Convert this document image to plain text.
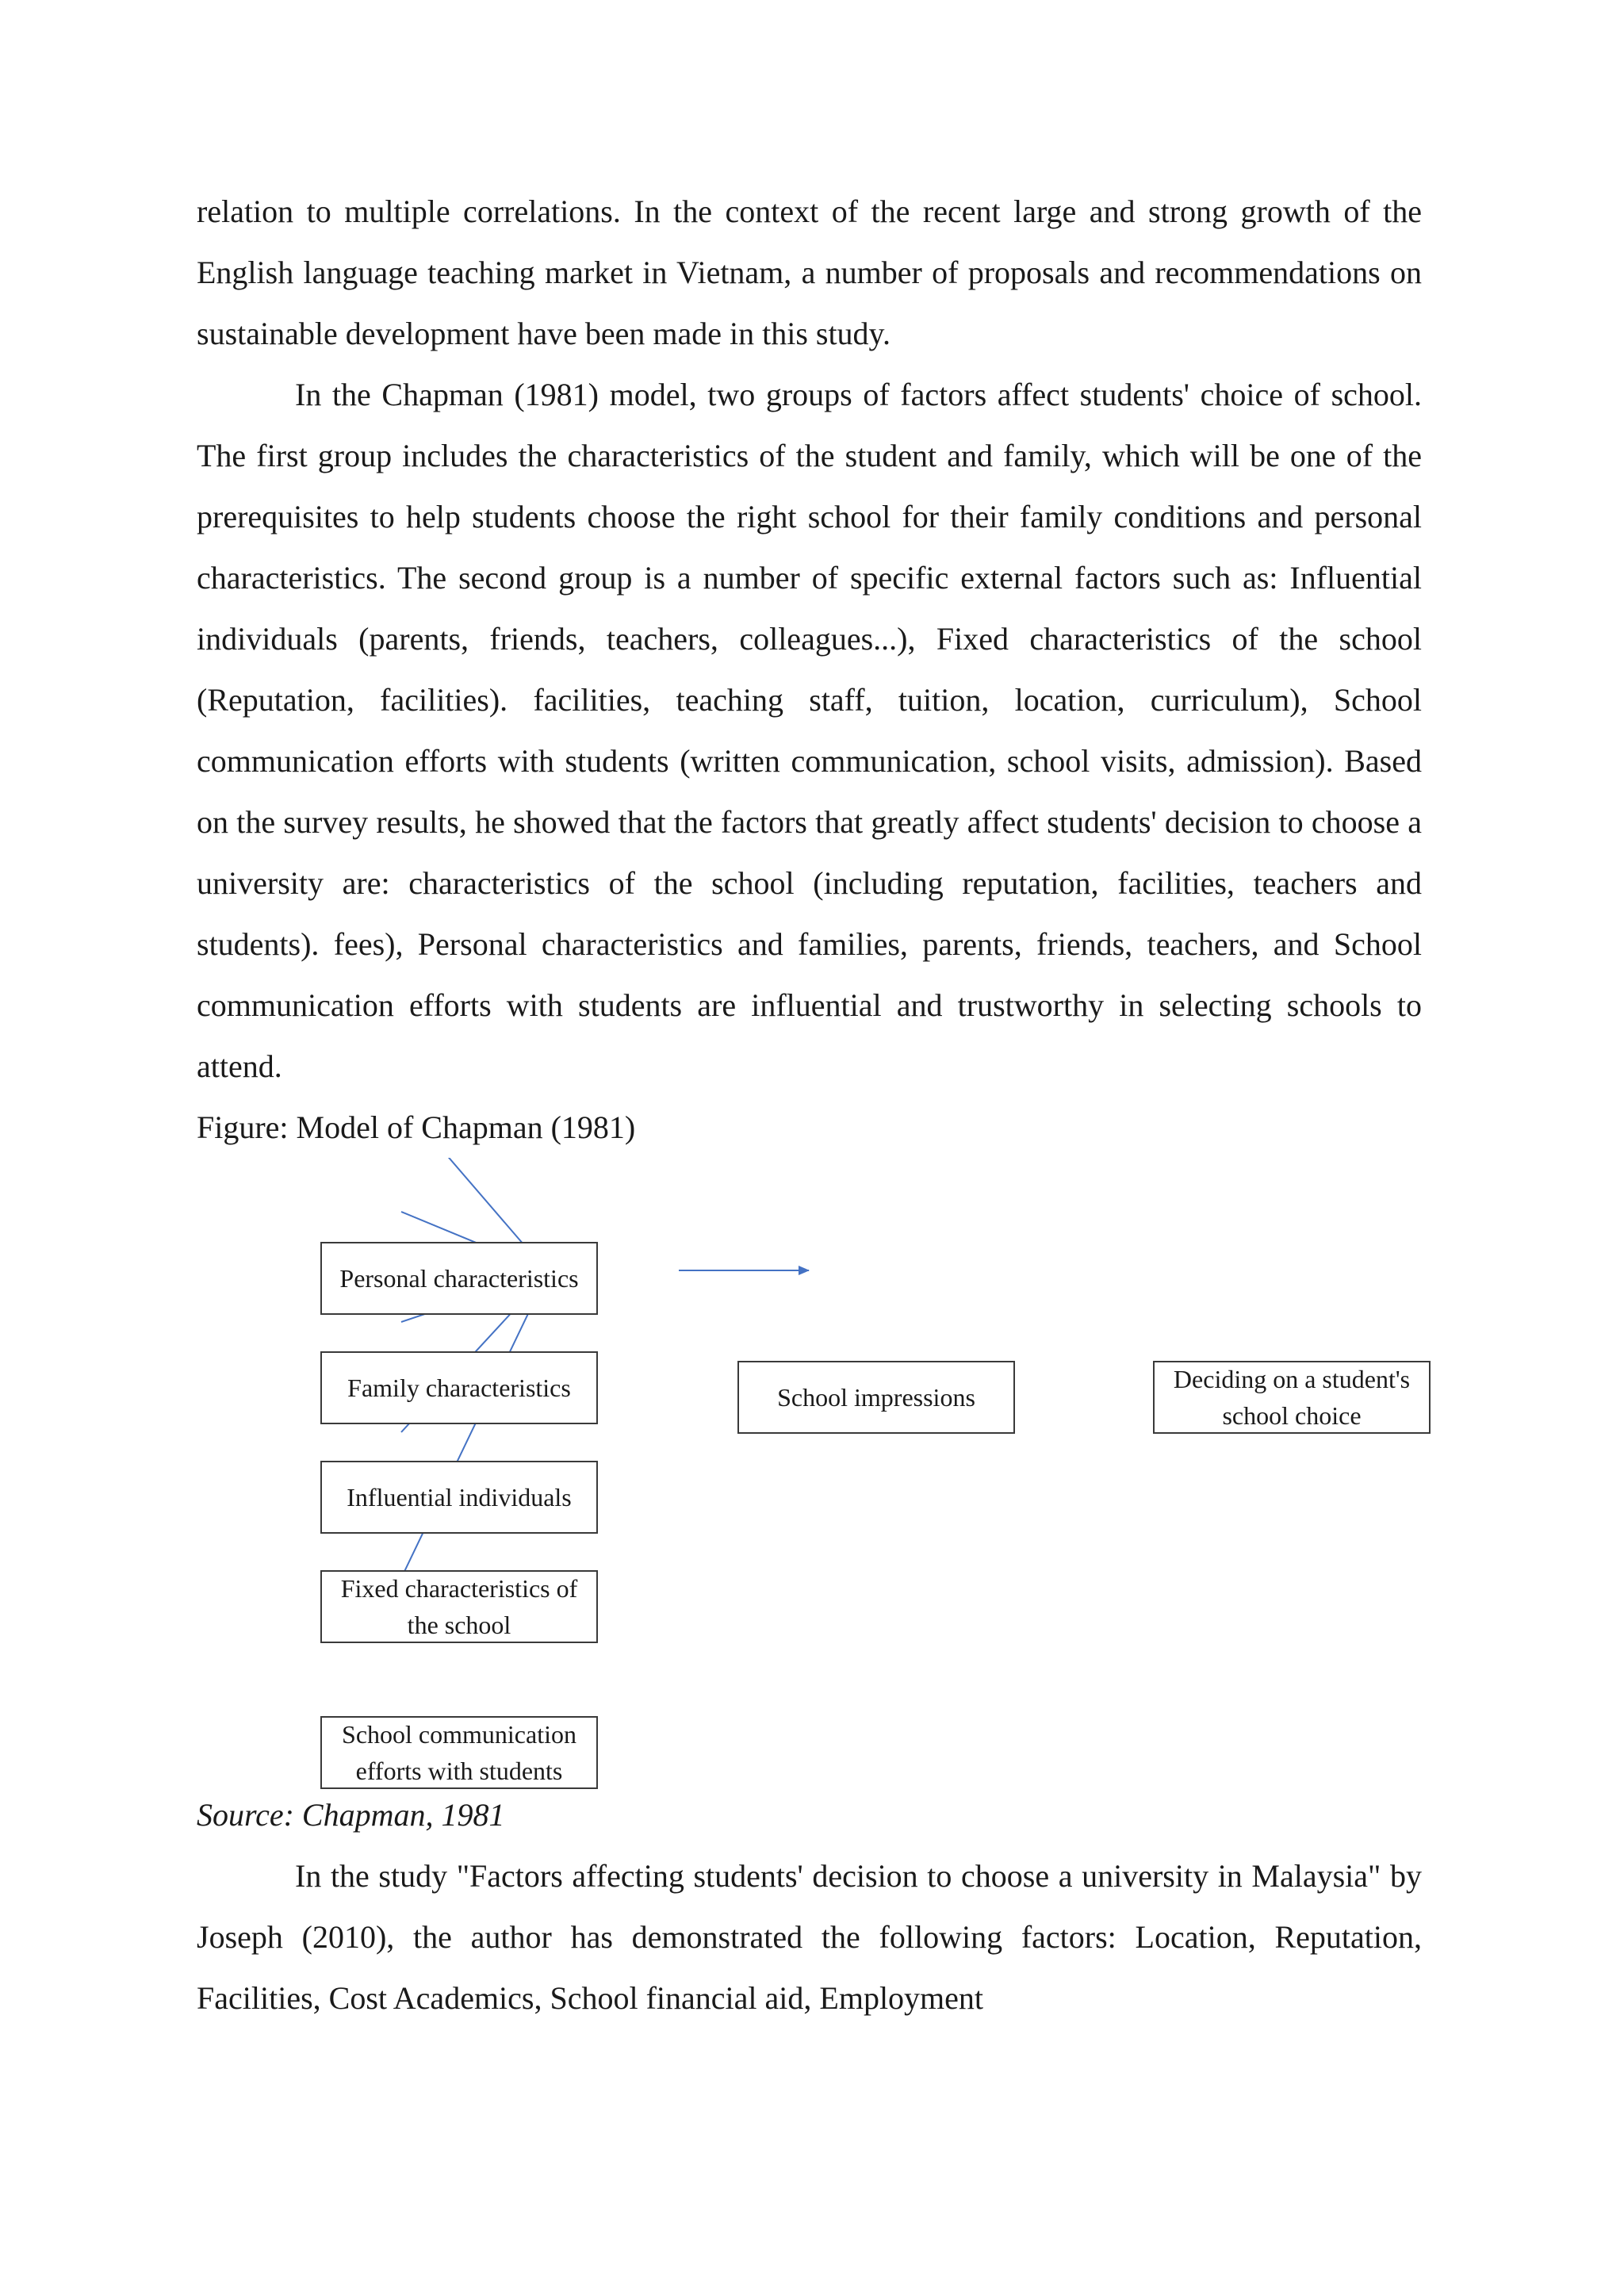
relation to multiple correlations. In the context of the recent large and strong growth of the English language teaching market in Vietnam, a number of proposals and recommendations on sustainable development have been made in this study.

In the Chapman (1981) model, two groups of factors affect students' choice of school. The first group includes the characteristics of the student and family, which will be one of the prerequisites to help students choose the right school for their family conditions and personal characteristics. The second group is a number of specific external factors such as: Influential individuals (parents, friends, teachers, colleagues...), Fixed characteristics of the school (Reputation, facilities). facilities, teaching staff, tuition, location, curriculum), School communication efforts with students (written communication, school visits, admission). Based on the survey results, he showed that the factors that greatly affect students' decision to choose a university are: characteristics of the school (including reputation, facilities, teachers and students). fees), Personal characteristics and families, parents, friends, teachers, and School communication efforts with students are influential and trustworthy in selecting schools to attend.

Figure: Model of Chapman (1981)

Personal characteristics
Family characteristics
Influential individuals
Fixed characteristics of the school
School communication efforts with students
School impressions
Deciding on a student's school choice

Source: Chapman, 1981

In the study "Factors affecting students' decision to choose a university in Malaysia" by Joseph (2010), the author has demonstrated the following factors: Location, Reputation, Facilities, Cost Academics, School financial aid, Employment
